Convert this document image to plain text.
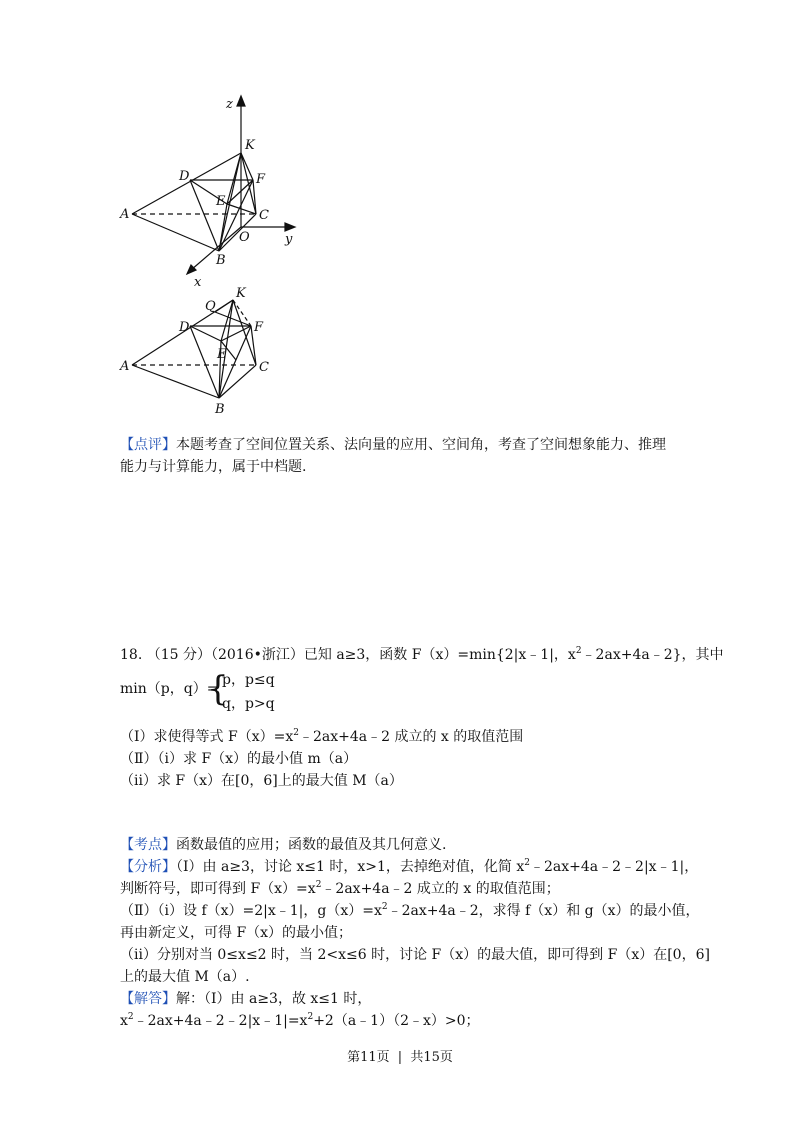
z
K
D	F
E
A	C
O	y
B
x
Q
K
D	F
E
A	C
B
【点评】本题考查了空间位置关系、法向量的应用、空间角，考查了空间想象能力、推理
能力与计算能力，属于中档题.
18. （15 分）（2016•浙江）已知 a≥3，函数 F（x）=min{2|x﹣1|，$x^2﹣2ax+4a﹣2$}，其中
min（p，q）=
{
p，p≤q
q，p>q
（Ⅰ）求使得等式 $F(x)=x^2﹣2ax+4a﹣2$ 成立的 x 的取值范围
（Ⅱ）（i）求 F（x）的最小值 m（a）
（ii）求 F（x）在[0，6]上的最大值 M（a）
【考点】函数最值的应用；函数的最值及其几何意义.
【分析】（Ⅰ）由 a≥3，讨论 x≤1 时，x>1，去掉绝对值，化简 $x^2﹣2ax+4a﹣2﹣2|x﹣1|$，
判断符号，即可得到 $F(x)=x^2﹣2ax+4a﹣2$ 成立的 x 的取值范围；
（Ⅱ）（i）设 f（x）=2|x﹣1|，$g(x)=x^2﹣2ax+4a﹣2$，求得 f（x）和 g（x）的最小值，
再由新定义，可得 F（x）的最小值；
（ii）分别对当 0≤x≤2 时，当 2<x≤6 时，讨论 F（x）的最大值，即可得到 F（x）在[0，6]
上的最大值 M（a）.
【解答】解：（Ⅰ）由 a≥3，故 x≤1 时，
$x^2﹣2ax+4a﹣2﹣2|x﹣1|=x^2+2(a﹣1)(2﹣x)>0$；
第11页 | 共15页
